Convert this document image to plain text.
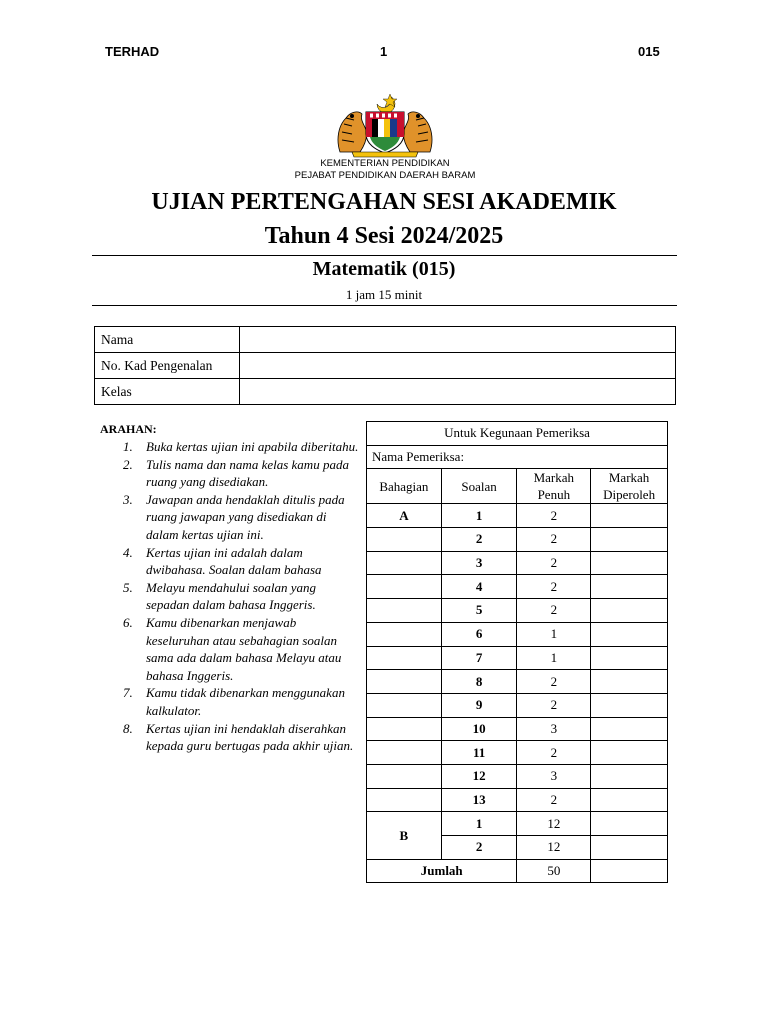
TERHAD	1	015
KEMENTERIAN PENDIDIKAN
PEJABAT PENDIDIKAN DAERAH BARAM
UJIAN PERTENGAHAN SESI AKADEMIK
Tahun 4 Sesi 2024/2025
Matematik (015)
1 jam 15 minit
Nama	
No. Kad Pengenalan	
Kelas	
ARAHAN:
1. Buka kertas ujian ini apabila diberitahu.
2. Tulis nama dan nama kelas kamu pada ruang yang disediakan.
3. Jawapan anda hendaklah ditulis pada ruang jawapan yang disediakan di dalam kertas ujian ini.
4. Kertas ujian ini adalah dalam dwibahasa. Soalan dalam bahasa
5. Melayu mendahului soalan yang sepadan dalam bahasa Inggeris.
6. Kamu dibenarkan menjawab keseluruhan atau sebahagian soalan sama ada dalam bahasa Melayu atau bahasa Inggeris.
7. Kamu tidak dibenarkan menggunakan kalkulator.
8. Kertas ujian ini hendaklah diserahkan kepada guru bertugas pada akhir ujian.
Untuk Kegunaan Pemeriksa			
Nama Pemeriksa:			
Bahagian	Soalan	Markah Penuh	Markah Diperoleh
A	1	2	
	2	2	
	3	2	
	4	2	
	5	2	
	6	1	
	7	1	
	8	2	
	9	2	
	10	3	
	11	2	
	12	3	
	13	2	
B	1	12	
	2	12	
Jumlah		50	
